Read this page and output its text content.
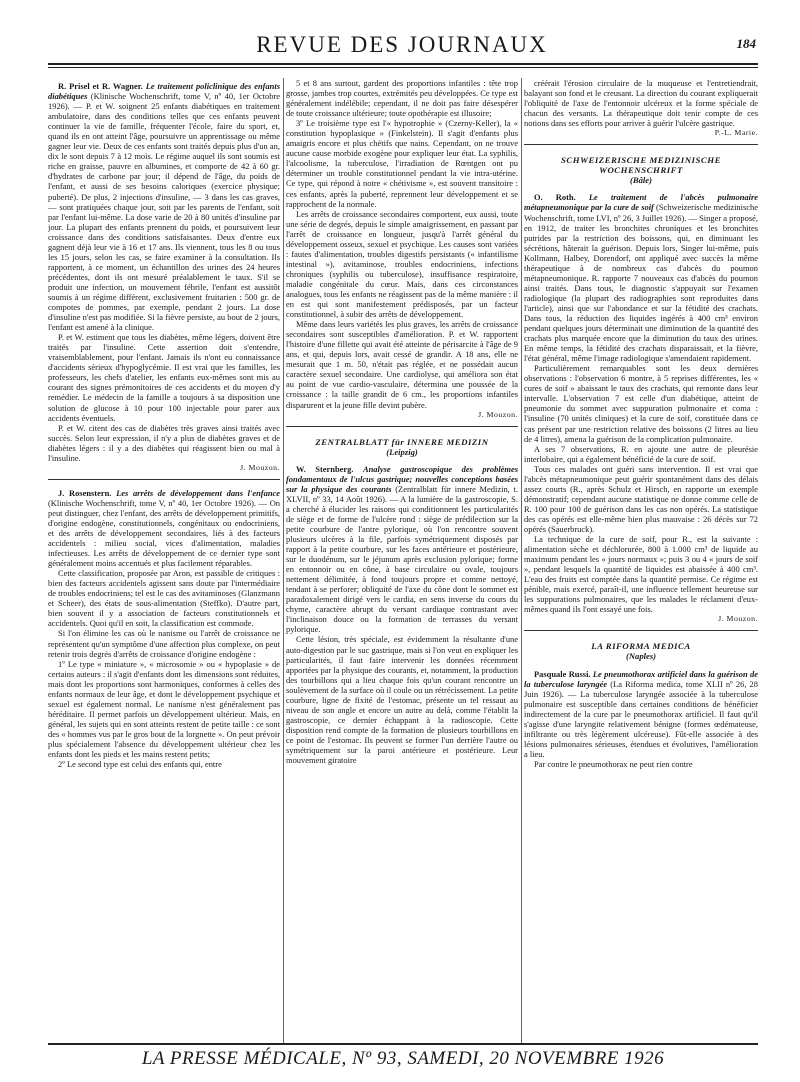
REVUE DES JOURNAUX	184

R. Prisel et R. Wagner. Le traitement policlinique des enfants diabétiques (Klinische Wochenschrift, tome V, nº 40, 1er Octobre 1926). — P. et W. soignent 25 enfants diabétiques en traitement ambulatoire, dans des conditions telles que ces enfants peuvent continuer la vie de famille, fréquenter l'école, faire du sport, et, quand ils en ont atteint l'âge, poursuivre un apprentissage ou même gagner leur vie. Deux de ces enfants sont traités depuis plus d'un an, dix le sont depuis 7 à 12 mois. Le régime auquel ils sont soumis est riche en graisse, pauvre en albumines, et comporte de 42 à 60 gr. d'hydrates de carbone par jour; il dépend de l'âge, du poids de l'enfant, et aussi de ses besoins caloriques (exercice physique; puberté). De plus, 2 injections d'insuline, — 3 dans les cas graves, — sont pratiquées chaque jour, soit par les parents de l'enfant, soit par l'enfant lui-même. La dose varie de 20 à 80 unités d'insuline par jour. La plupart des enfants prennent du poids, et poursuivent leur croissance dans des conditions satisfaisantes. Deux d'entre eux gagnent déjà leur vie à 16 et 17 ans. Ils viennent, tous les 8 ou tous les 15 jours, selon les cas, se faire examiner à la consultation. Ils rapportent, à ce moment, un échantillon des urines des 24 heures précédentes, dont ils ont mesuré préalablement le taux. S'il se produit une infection, un mouvement fébrile, l'enfant est aussitôt soumis à un régime différent, exclusivement fruitarien : 500 gr. de compotes de pommes, par exemple, pendant 2 jours. La dose d'insuline n'est pas modifiée. Si la fièvre persiste, au bout de 2 jours, l'enfant est amené à la clinique.

P. et W. estiment que tous les diabètes, même légers, doivent être traités par l'insuline. Cette assertion doit s'entendre, vraisemblablement, pour l'enfant. Jamais ils n'ont eu connaissance d'accidents sérieux d'hypoglycémie. Il est vrai que les familles, les professeurs, les chefs d'atelier, les enfants eux-mêmes sont mis au courant des signes prémonitoires de ces accidents et du moyen d'y remédier. Le médecin de la famille a toujours à sa disposition une solution de glucose à 10 pour 100 injectable pour parer aux accidents éventuels.

P. et W. citent des cas de diabètes très graves ainsi traités avec succès. Selon leur expression, il n'y a plus de diabètes graves et de diabètes légers : il y a des diabètes qui réagissent bien ou mal à l'insuline.

J. Mouzon.

J. Rosenstern. Les arrêts de développement dans l'enfance (Klinische Wochenschrift, tome V, nº 40, 1er Octobre 1926). — On peut distinguer, chez l'enfant, des arrêts de développement primitifs, d'origine endogène, constitutionnels, congénitaux ou endocriniens, et des arrêts de développement secondaires, liés à des facteurs accidentels : milieu social, vices d'alimentation, maladies infectieuses. Les arrêts de développement de ce dernier type sont généralement moins accentués et plus facilement réparables.

Cette classification, proposée par Aron, est passible de critiques : bien des facteurs accidentels agissent sans doute par l'intermédiaire de troubles endocriniens; tel est le cas des avitaminoses (Glanzmann et Scheer), des états de sous-alimentation (Steffko). D'autre part, bien souvent il y a association de facteurs constitutionnels et accidentels. Quoi qu'il en soit, la classification est commode.

Si l'on élimine les cas où le nanisme ou l'arrêt de croissance ne représentent qu'un symptôme d'une affection plus complexe, on peut retenir trois degrés d'arrêts de croissance d'origine endogène :

1º Le type « miniature », « microsomie » ou « hypoplasie » de certains auteurs : il s'agit d'enfants dont les dimensions sont réduites, mais dont les proportions sont harmoniques, conformes à celles des enfants normaux de leur âge, et dont le développement psychique et sexuel est également normal. Le nanisme n'est généralement pas héréditaire. Il permet parfois un développement ultérieur. Mais, en général, les sujets qui en sont atteints restent de petite taille : ce sont des « hommes vus par le gros bout de la lorgnette ». On peut prévoir plus spécialement l'absence du développement ultérieur chez les enfants dont les pieds et les mains restent petits;

2º Le second type est celui des enfants qui, entre

5 et 8 ans surtout, gardent des proportions infantiles : tête trop grosse, jambes trop courtes, extrémités peu développées. Ce type est généralement indélébile; cependant, il ne doit pas faire désespérer de toute croissance ultérieure; toute opothérapie est illusoire;

3º Le troisième type est l'« hypotrophie » (Czerny-Keller), la « constitution hypoplasique » (Finkelstein). Il s'agit d'enfants plus amaigris encore et plus chétifs que nains. Cependant, on ne trouve aucune cause morbide exogène pour expliquer leur état. La syphilis, l'alcoolisme, la tuberculose, l'irradiation de Rœntgen ont pu déterminer un trouble constitutionnel pendant la vie intra-utérine. Ce type, qui répond à notre « chétivisme », est souvent transitoire : ces enfants, après la puberté, reprennent leur développement et se rapprochent de la normale.

Les arrêts de croissance secondaires comportent, eux aussi, toute une série de degrés, depuis le simple amaigrissement, en passant par l'arrêt de croissance en longueur, jusqu'à l'arrêt général du développement osseux, sexuel et psychique. Les causes sont variées : fautes d'alimentation, troubles digestifs persistants (« infantilisme intestinal »), avitaminose, troubles endocriniens, infections chroniques (syphilis ou tuberculose), insuffisance respiratoire, maladie congénitale du cœur. Mais, dans ces circonstances analogues, tous les enfants ne réagissent pas de la même manière : il en est qui sont manifestement prédisposés, par un facteur constitutionnel, à subir des arrêts de développement.

Même dans leurs variétés les plus graves, les arrêts de croissance secondaires sont susceptibles d'amélioration. P. et W. rapportent l'histoire d'une fillette qui avait été atteinte de périsarcite à l'âge de 9 ans, et qui, depuis lors, avait cessé de grandir. A 18 ans, elle ne mesurait que 1 m. 50, n'était pas réglée, et ne possédait aucun caractère sexuel secondaire. Une cardiolyse, qui améliora son état au point de vue cardio-vasculaire, détermina une poussée de la croissance : la taille grandit de 6 cm., les proportions infantiles disparurent et la jeune fille devint pubère.

J. Mouzon.
ZENTRALBLATT für INNERE MEDIZIN
(Leipzig)

W. Sternberg. Analyse gastroscopique des problèmes fondamentaux de l'ulcus gastrique; nouvelles conceptions basées sur la physique des courants (Zentralblatt für innere Medizin, t. XLVII, nº 33, 14 Août 1926). — A la lumière de la gastroscopie, S. a cherché à élucider les raisons qui conditionnent les particularités de siège et de forme de l'ulcère rond : siège de prédilection sur la petite courbure de l'antre pylorique, où l'on rencontre souvent plusieurs ulcères à la file, parfois symétriquement disposés par rapport à la petite courbure, sur les faces antérieure et postérieure, sur le duodénum, sur le jéjunum après exclusion pylorique; forme en entonnoir ou en cône, à base circulaire ou ovale, toujours nettement délimitée, à fond toujours propre et comme nettoyé, tendant à se perforer; obliquité de l'axe du cône dont le sommet est paradoxalement dirigé vers le cardia, en sens inverse du cours du chyme, caractère abrupt du versant cardiaque contrastant avec l'inclinaison douce ou la formation de terrasses du versant pylorique.

Cette lésion, très spéciale, est évidemment la résultante d'une auto-digestion par le suc gastrique, mais si l'on veut en expliquer les particularités, il faut faire intervenir les données récemment apportées par la physique des courants, et, notamment, la production des tourbillons qui a lieu chaque fois qu'un courant rencontre un soulèvement de la surface où il coule ou un rétrécissement. La petite courbure, ligne de fixité de l'estomac, présente un tel ressaut au niveau de son angle et encore un autre au delà, comme l'établit la gastroscopie, ce dernier échappant à la radioscopie. Cette disposition rend compte de la formation de plusieurs tourbillons en ce point de l'estomac. Ils peuvent se former l'un derrière l'autre ou symétriquement sur la paroi antérieure et postérieure. Leur mouvement giratoire

créérait l'érosion circulaire de la muqueuse et l'entretiendrait, balayant son fond et le creusant. La direction du courant expliquerait l'obliquité de l'axe de l'entonnoir ulcéreux et la forme spéciale de chacun des versants. La thérapeutique doit tenir compte de ces notions dans ses efforts pour arriver à guérir l'ulcère gastrique.

P.-L. Marie.
SCHWEIZERISCHE MEDIZINISCHE WOCHENSCHRIFT
(Bâle)

O. Roth. Le traitement de l'abcès pulmonaire métapneumonique par la cure de soif (Schweizerische medizinische Wochenschrift, tome LVI, nº 26, 3 Juillet 1926). — Singer a proposé, en 1912, de traiter les bronchites chroniques et les bronchites putrides par la restriction des boissons, qui, en diminuant les sécrétions, hâterait la guérison. Depuis lors, Singer lui-même, puis Kollmann, Halbey, Dorendorf, ont appliqué avec succès la même thérapeutique à de nombreux cas d'abcès du poumon métapneumonique. R. rapporte 7 nouveaux cas d'abcès du poumon ainsi traités. Dans tous, le diagnostic s'appuyait sur l'examen radiologique (la plupart des radiographies sont reproduites dans l'article), ainsi que sur l'abondance et sur la fétidité des crachats. Dans tous, la réduction des liquides ingérés à 400 cm³ environ pendant quelques jours déterminait une diminution de la quantité des crachats plus marquée encore que la diminution du taux des urines. En même temps, la fétidité des crachats disparaissait, et la fièvre, l'état général, même l'image radiologique s'amendaient rapidement.

Particulièrement remarquables sont les deux dernières observations : l'observation 6 montre, à 5 reprises différentes, les « cures de soif » abaissant le taux des crachats, qui remonte dans leur intervalle. L'observation 7 est celle d'un diabétique, atteint de pneumonie du sommet avec suppuration pulmonaire et coma : l'insuline (70 unités cliniques) et la cure de soif, constituée dans ce cas présent par une restriction relative des boissons (2 litres au lieu de 4 litres), amena la guérison de la complication pulmonaire.

A ses 7 observations, R. en ajoute une autre de pleurésie interlobaire, qui a également bénéficié de la cure de soif.

Tous ces malades ont guéri sans intervention. Il est vrai que l'abcès métapneumonique peut guérir spontanément dans des délais assez courts (R., après Schulz et Hirsch, en rapporte un exemple démonstratif; cependant aucune statistique ne donne comme celle de R. 100 pour 100 de guérison dans les cas non opérés. La statistique des cas opérés est elle-même bien plus mauvaise : 26 décès sur 72 opérés (Sauerbruck).

La technique de la cure de soif, pour R., est la suivante : alimentation sèche et déchlorurée, 800 à 1.000 cm³ de liquide au maximum pendant les « jours normaux »; puis 3 ou 4 « jours de soif », pendant lesquels la quantité de liquides est abaissée à 400 cm³. L'eau des fruits est comptée dans la quantité permise. Ce régime est pénible, mais exercé, paraît-il, une influence tellement heureuse sur les suppurations pulmonaires, que les malades le réclament d'eux-mêmes quand ils l'ont essayé une fois.

J. Mouzon.
LA RIFORMA MEDICA
(Naples)

Pasquale Russi. Le pneumothorax artificiel dans la guérison de la tuberculose laryngée (La Riforma medica, tome XLII nº 26, 28 Juin 1926). — La tuberculose laryngée associée à la tuberculose pulmonaire est susceptible dans certaines conditions de bénéficier indirectement de la cure par le pneumothorax artificiel. Il faut qu'il s'agisse d'une laryngite relativement bénigne (formes œdémateuse, infiltrante ou très légèrement ulcéreuse). Fût-elle associée à des lésions pulmonaires sérieuses, étendues et évolutives, l'amélioration a lieu.

Par contre le pneumothorax ne peut rien contre

LA PRESSE MÉDICALE, Nº 93, SAMEDI, 20 NOVEMBRE 1926
